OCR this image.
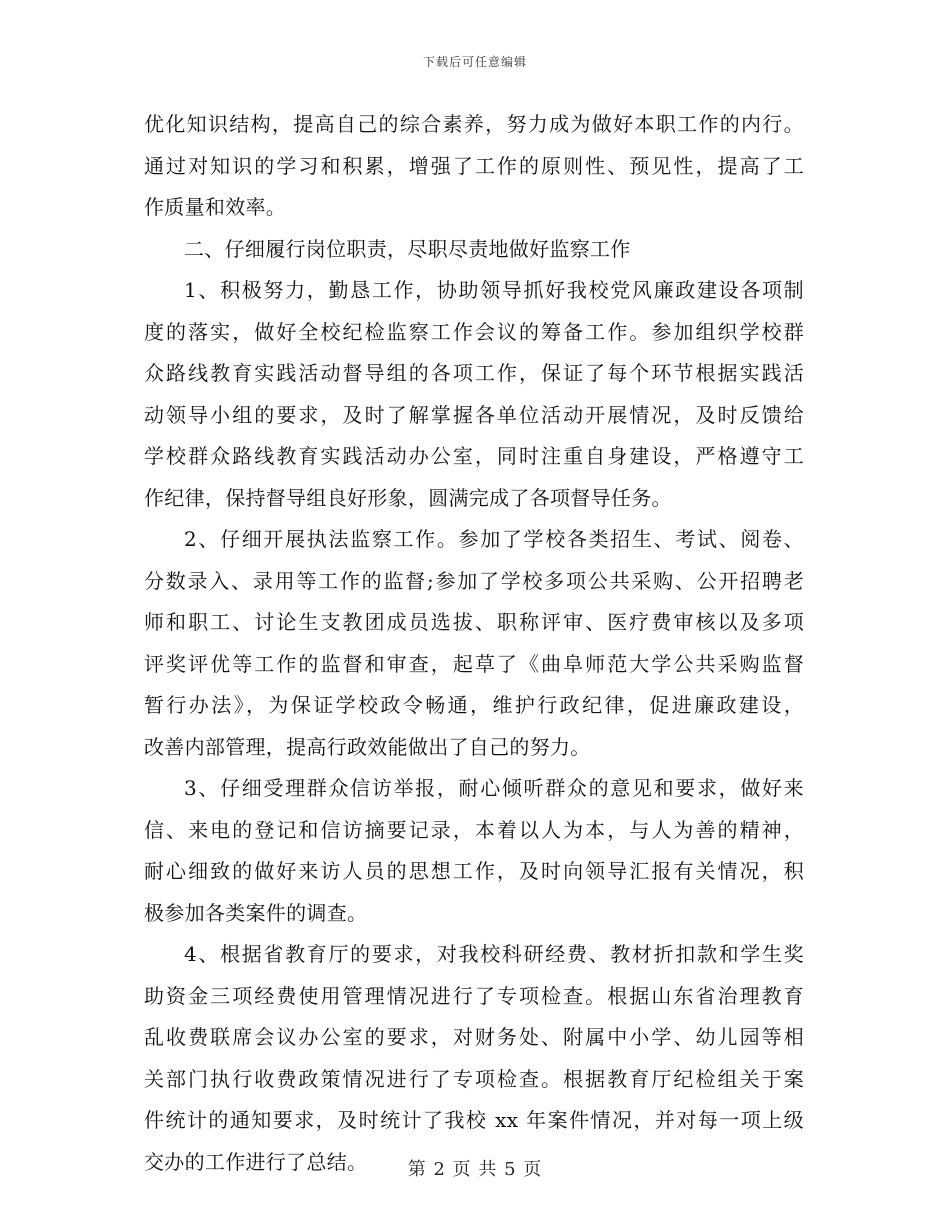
下载后可任意编辑
优化知识结构，提高自己的综合素养，努力成为做好本职工作的内行。
通过对知识的学习和积累，增强了工作的原则性、预见性，提高了工
作质量和效率。
二、仔细履行岗位职责，尽职尽责地做好监察工作
1、积极努力，勤恳工作，协助领导抓好我校党风廉政建设各项制
度的落实，做好全校纪检监察工作会议的筹备工作。参加组织学校群
众路线教育实践活动督导组的各项工作，保证了每个环节根据实践活
动领导小组的要求，及时了解掌握各单位活动开展情况，及时反馈给
学校群众路线教育实践活动办公室，同时注重自身建设，严格遵守工
作纪律，保持督导组良好形象，圆满完成了各项督导任务。
2、仔细开展执法监察工作。参加了学校各类招生、考试、阅卷、
分数录入、录用等工作的监督;参加了学校多项公共采购、公开招聘老
师和职工、讨论生支教团成员选拔、职称评审、医疗费审核以及多项
评奖评优等工作的监督和审查，起草了《曲阜师范大学公共采购监督
暂行办法》，为保证学校政令畅通，维护行政纪律，促进廉政建设，
改善内部管理，提高行政效能做出了自己的努力。
3、仔细受理群众信访举报，耐心倾听群众的意见和要求，做好来
信、来电的登记和信访摘要记录，本着以人为本，与人为善的精神，
耐心细致的做好来访人员的思想工作，及时向领导汇报有关情况，积
极参加各类案件的调查。
4、根据省教育厅的要求，对我校科研经费、教材折扣款和学生奖
助资金三项经费使用管理情况进行了专项检查。根据山东省治理教育
乱收费联席会议办公室的要求，对财务处、附属中小学、幼儿园等相
关部门执行收费政策情况进行了专项检查。根据教育厅纪检组关于案
件统计的通知要求，及时统计了我校 xx 年案件情况，并对每一项上级
交办的工作进行了总结。	第 2 页 共 5 页
